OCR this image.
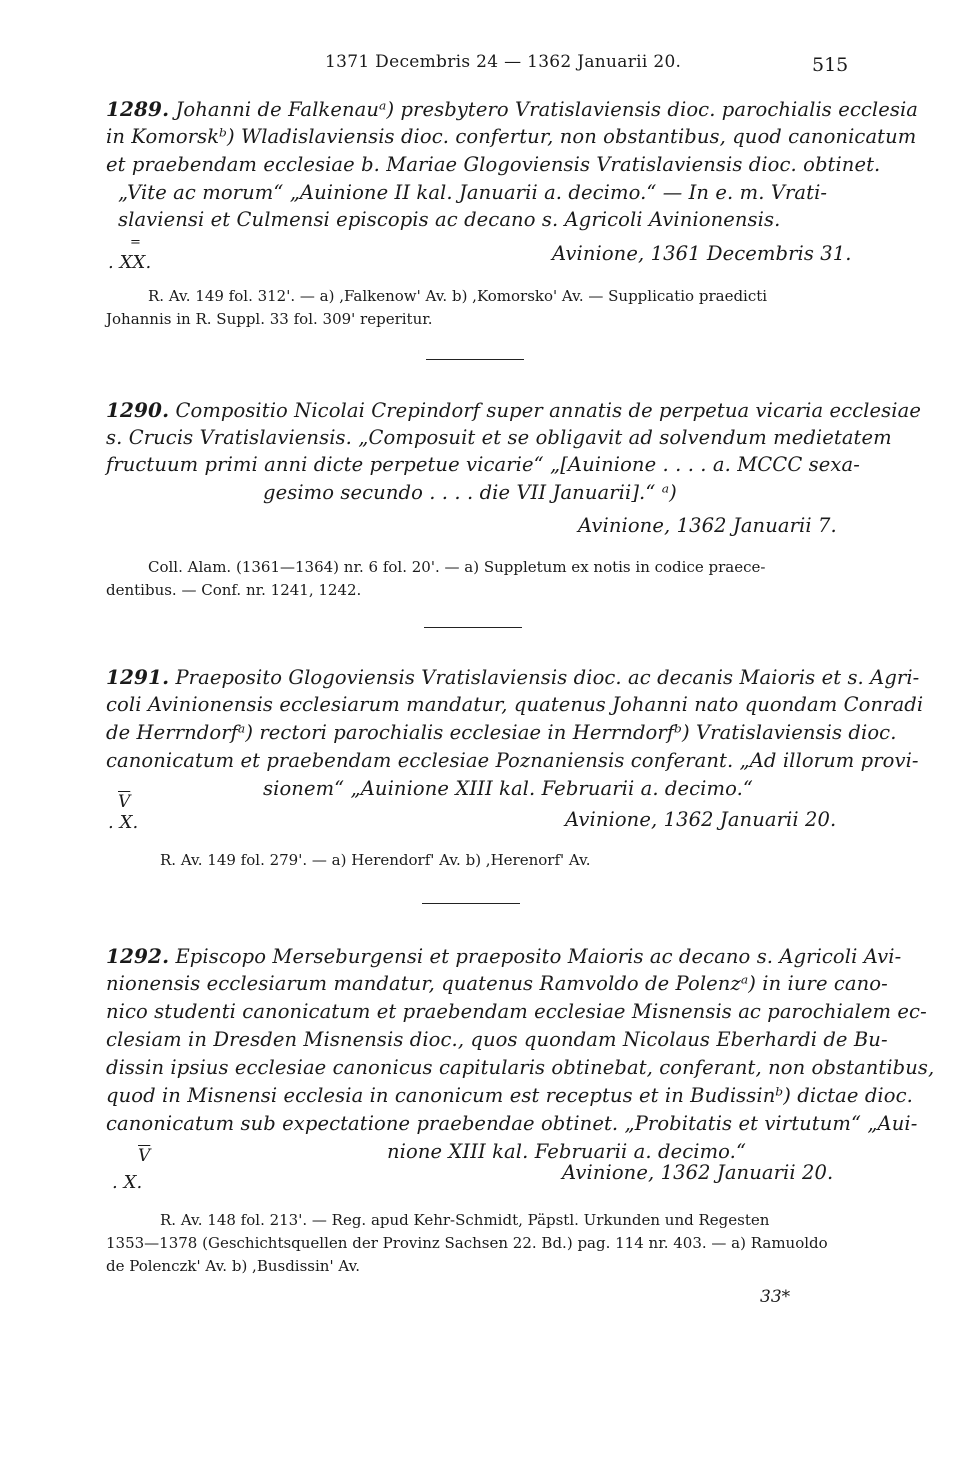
1371 Decembris 24 — 1362 Januarii 20.	515
1289. Johanni de Falkenauᵃ) presbytero Vratislaviensis dioc. parochialis ecclesia
in Komorskᵇ) Wladislaviensis dioc. confertur, non obstantibus, quod canonicatum
et praebendam ecclesiae b. Mariae Glogoviensis Vratislaviensis dioc. obtinet.
„Vite ac morum“ „Auinione II kal. Januarii a. decimo.“ — In e. m. Vrati-
slaviensi et Culmensi episcopis ac decano s. Agricoli Avinionensis.
=
. XX.	Avinione, 1361 Decembris 31.
R. Av. 149 fol. 312'. — a) ,Falkenow' Av. b) ,Komorsko' Av. — Supplicatio praedicti
Johannis in R. Suppl. 33 fol. 309' reperitur.
1290. Compositio Nicolai Crepindorf super annatis de perpetua vicaria ecclesiae
s. Crucis Vratislaviensis. „Composuit et se obligavit ad solvendum medietatem
fructuum primi anni dicte perpetue vicarie“ „[Auinione . . . . a. MCCC sexa-
gesimo secundo . . . . die VII Januarii].“ ᵃ)
Avinione, 1362 Januarii 7.
Coll. Alam. (1361—1364) nr. 6 fol. 20'. — a) Suppletum ex notis in codice praece-
dentibus. — Conf. nr. 1241, 1242.
1291. Praeposito Glogoviensis Vratislaviensis dioc. ac decanis Maioris et s. Agri-
coli Avinionensis ecclesiarum mandatur, quatenus Johanni nato quondam Conradi
de Herrndorfᵃ) rectori parochialis ecclesiae in Herrndorfᵇ) Vratislaviensis dioc.
canonicatum et praebendam ecclesiae Poznaniensis conferant. „Ad illorum provi-
sionem“ „Auinione XIII kal. Februarii a. decimo.“
$\overline{V}$
. X.	Avinione, 1362 Januarii 20.
R. Av. 149 fol. 279'. — a) Herendorf' Av. b) ,Herenorf' Av.
1292. Episcopo Merseburgensi et praeposito Maioris ac decano s. Agricoli Avi-
nionensis ecclesiarum mandatur, quatenus Ramvoldo de Polenzᵃ) in iure cano-
nico studenti canonicatum et praebendam ecclesiae Misnensis ac parochialem ec-
clesiam in Dresden Misnensis dioc., quos quondam Nicolaus Eberhardi de Bu-
dissin ipsius ecclesiae canonicus capitularis obtinebat, conferant, non obstantibus,
quod in Misnensi ecclesia in canonicum est receptus et in Budissinᵇ) dictae dioc.
canonicatum sub expectatione praebendae obtinet. „Probitatis et virtutum“ „Aui-
nione XIII kal. Februarii a. decimo.“
$\overline{V}$
. X.	Avinione, 1362 Januarii 20.
R. Av. 148 fol. 213'. — Reg. apud Kehr-Schmidt, Päpstl. Urkunden und Regesten
1353—1378 (Geschichtsquellen der Provinz Sachsen 22. Bd.) pag. 114 nr. 403. — a) Ramuoldo
de Polenczk' Av. b) ,Busdissin' Av.
33*
